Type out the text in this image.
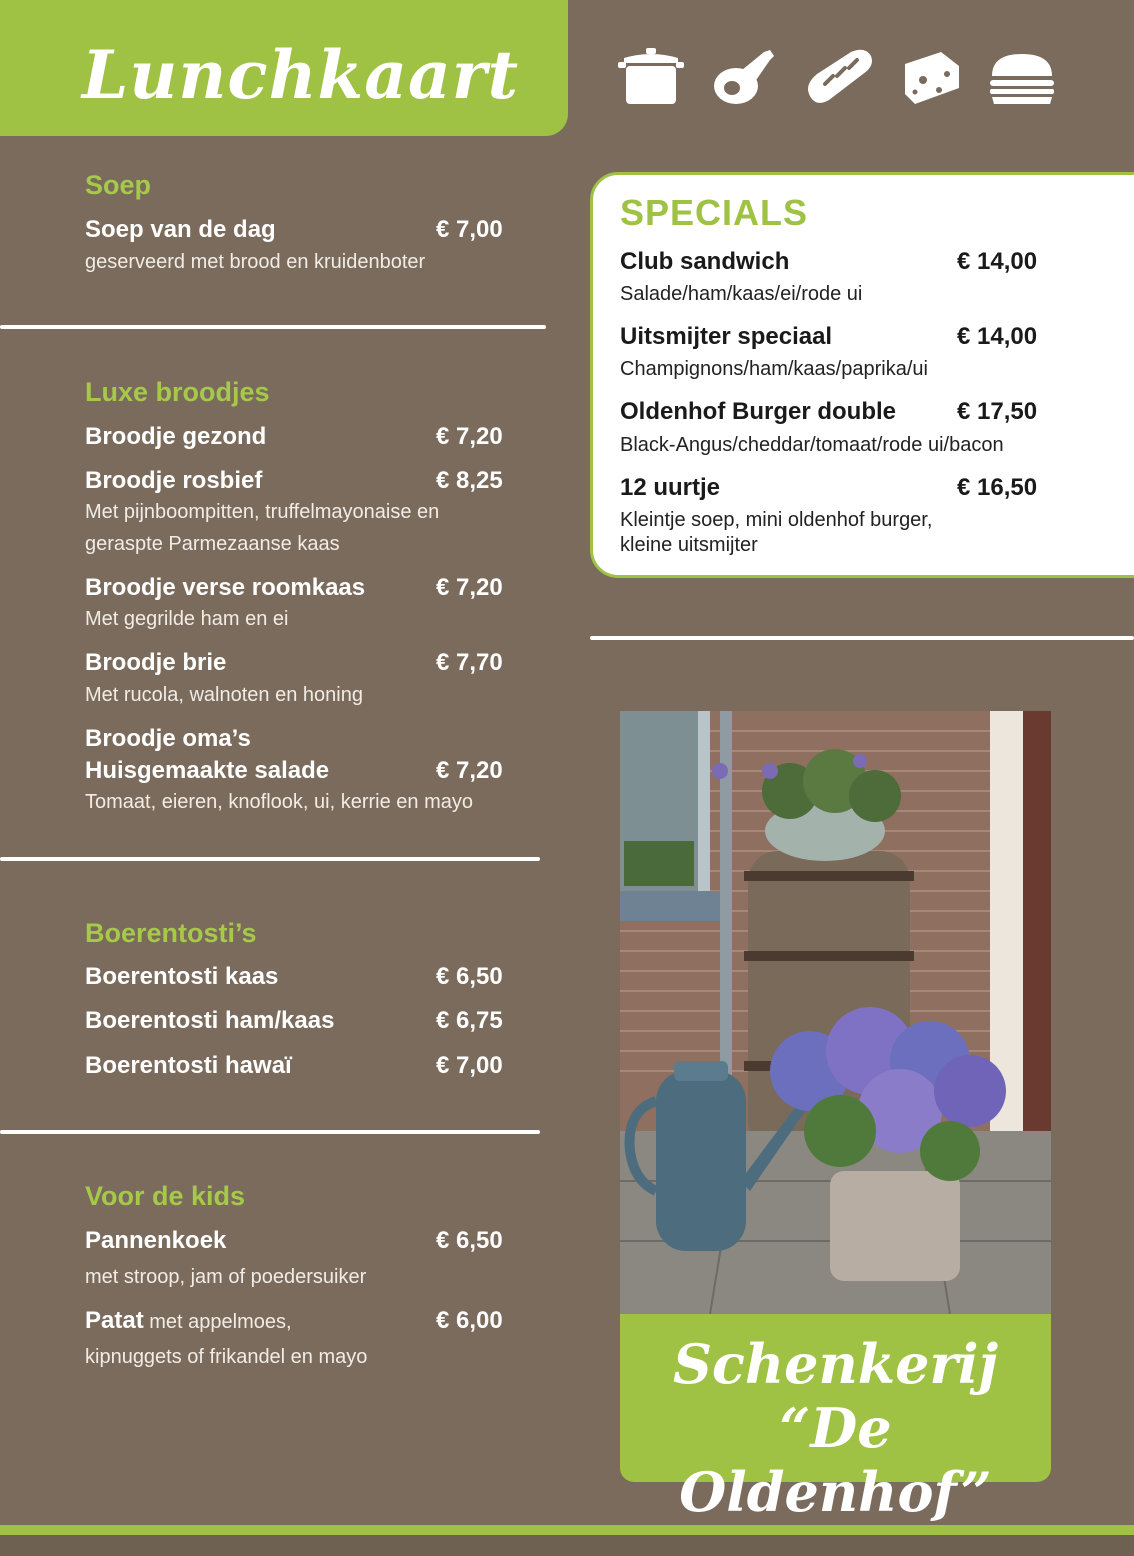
Lunchkaart
Soep
Soep van de dag	€ 7,00
geserveerd met brood en kruidenboter
Luxe broodjes
Broodje gezond	€ 7,20
Broodje rosbief	€ 8,25
Met pijnboompitten, truffelmayonaise en
geraspte Parmezaanse kaas
Broodje verse roomkaas	€ 7,20
Met gegrilde ham en ei
Broodje brie	€ 7,70
Met rucola, walnoten en honing
Broodje oma’s
Huisgemaakte salade	€ 7,20
Tomaat, eieren, knoflook, ui, kerrie en mayo
Boerentosti’s
Boerentosti kaas	€ 6,50
Boerentosti ham/kaas	€ 6,75
Boerentosti hawaï	€ 7,00
Voor de kids
Pannenkoek	€ 6,50
met stroop, jam of poedersuiker
Patat met appelmoes,	€ 6,00
kipnuggets of frikandel en mayo
SPECIALS
Club sandwich	€ 14,00
Salade/ham/kaas/ei/rode ui
Uitsmijter speciaal	€ 14,00
Champignons/ham/kaas/paprika/ui
Oldenhof Burger double	€ 17,50
Black-Angus/cheddar/tomaat/rode ui/bacon
12 uurtje	€ 16,50
Kleintje soep, mini oldenhof burger,
kleine uitsmijter
Schenkerij
“De Oldenhof”
